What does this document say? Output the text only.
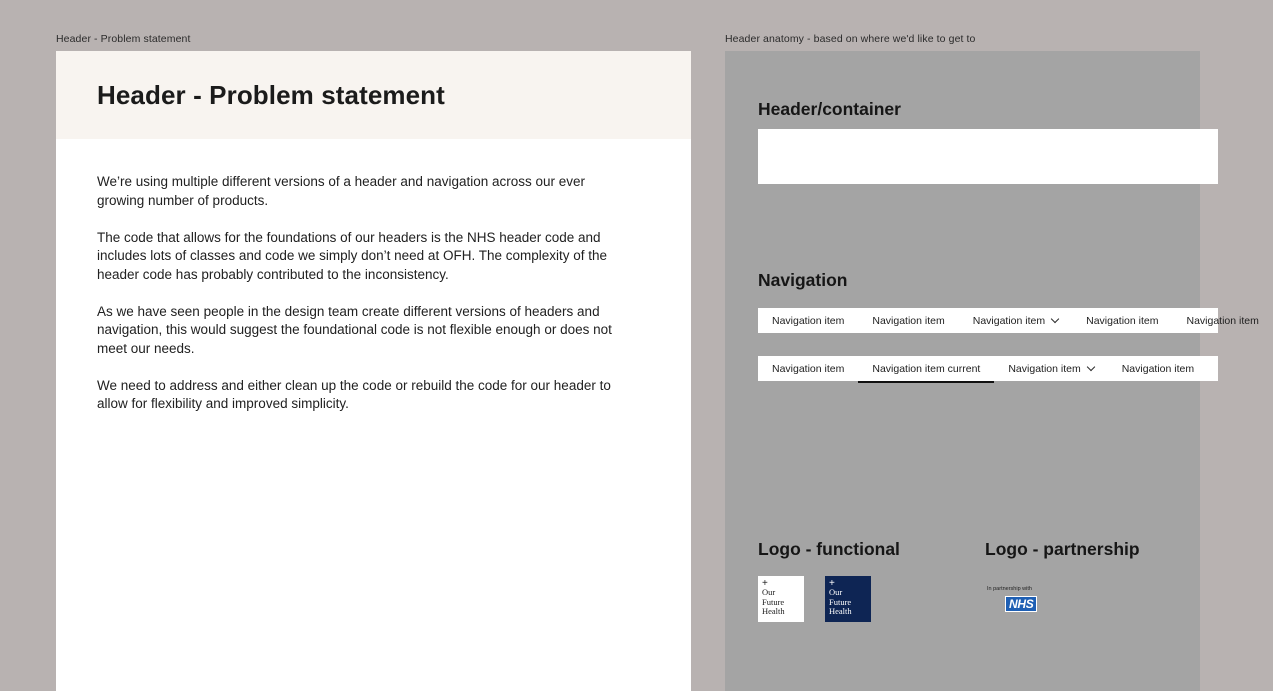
Header - Problem statement	Header anatomy - based on where we'd like to get to
Header - Problem statement

We’re using multiple different versions of a header and navigation across our ever growing number of products.

The code that allows for the foundations of our headers is the NHS header code and includes lots of classes and code we simply don’t need at OFH. The complexity of the header code has probably contributed to the inconsistency.

As we have seen people in the design team create different versions of headers and navigation, this would suggest the foundational code is not flexible enough or does not meet our needs.

We need to address and either clean up the code or rebuild the code for our header to allow for flexibility and improved simplicity.

Header/container
Navigation
Navigation item	Navigation item	Navigation item	Navigation item	Navigation item
Navigation item	Navigation item current	Navigation item	Navigation item
Logo - functional	Logo - partnership
+
Our
Future
Health
+
Our
Future
Health
In partnership with
NHS
